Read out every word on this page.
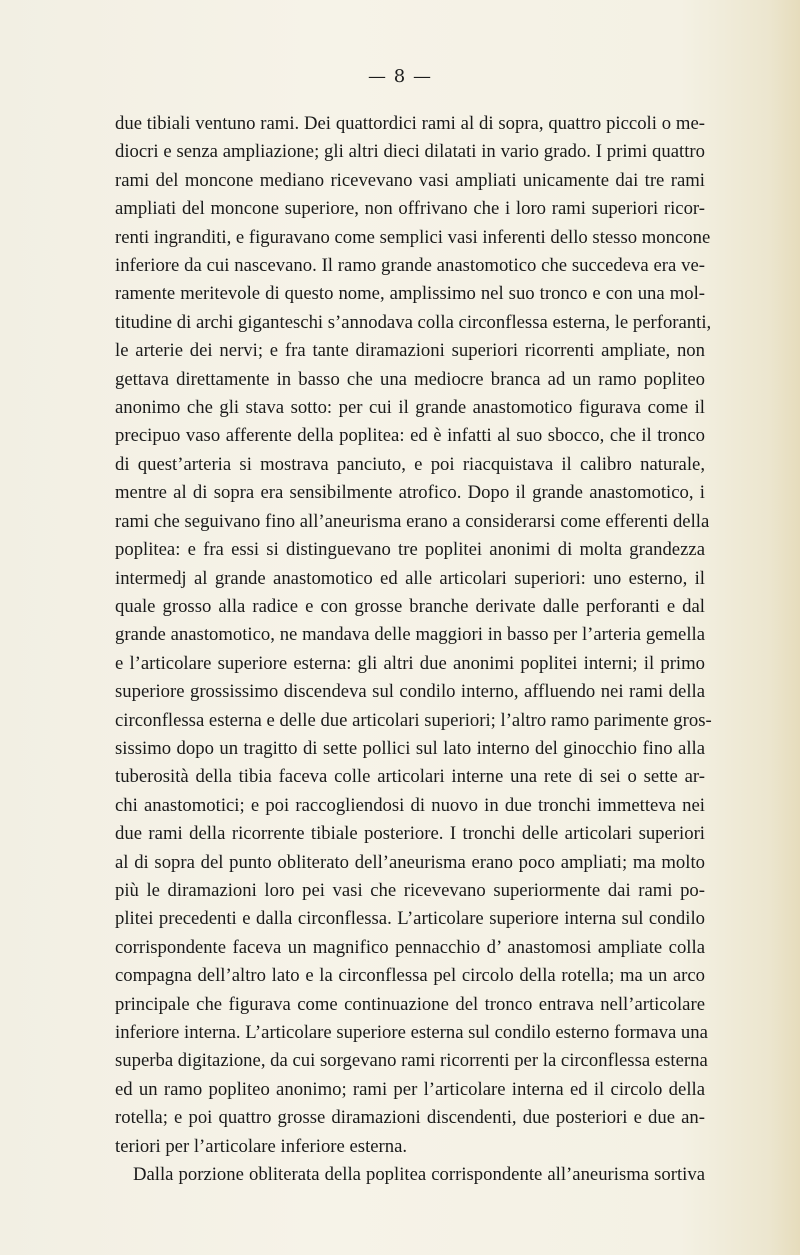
— 8 —
due tibiali ventuno rami. Dei quattordici rami al di sopra, quattro piccoli o me-
diocri e senza ampliazione; gli altri dieci dilatati in vario grado. I primi quattro
rami del moncone mediano ricevevano vasi ampliati unicamente dai tre rami
ampliati del moncone superiore, non offrivano che i loro rami superiori ricor-
renti ingranditi, e figuravano come semplici vasi inferenti dello stesso moncone
inferiore da cui nascevano. Il ramo grande anastomotico che succedeva era ve-
ramente meritevole di questo nome, amplissimo nel suo tronco e con una mol-
titudine di archi giganteschi s’annodava colla circonflessa esterna, le perforanti,
le arterie dei nervi; e fra tante diramazioni superiori ricorrenti ampliate, non
gettava direttamente in basso che una mediocre branca ad un ramo popliteo
anonimo che gli stava sotto: per cui il grande anastomotico figurava come il
precipuo vaso afferente della poplitea: ed è infatti al suo sbocco, che il tronco
di quest’arteria si mostrava panciuto, e poi riacquistava il calibro naturale,
mentre al di sopra era sensibilmente atrofico. Dopo il grande anastomotico, i
rami che seguivano fino all’aneurisma erano a considerarsi come efferenti della
poplitea: e fra essi si distinguevano tre poplitei anonimi di molta grandezza
intermedj al grande anastomotico ed alle articolari superiori: uno esterno, il
quale grosso alla radice e con grosse branche derivate dalle perforanti e dal
grande anastomotico, ne mandava delle maggiori in basso per l’arteria gemella
e l’articolare superiore esterna: gli altri due anonimi poplitei interni; il primo
superiore grossissimo discendeva sul condilo interno, affluendo nei rami della
circonflessa esterna e delle due articolari superiori; l’altro ramo parimente gros-
sissimo dopo un tragitto di sette pollici sul lato interno del ginocchio fino alla
tuberosità della tibia faceva colle articolari interne una rete di sei o sette ar-
chi anastomotici; e poi raccogliendosi di nuovo in due tronchi immetteva nei
due rami della ricorrente tibiale posteriore. I tronchi delle articolari superiori
al di sopra del punto obliterato dell’aneurisma erano poco ampliati; ma molto
più le diramazioni loro pei vasi che ricevevano superiormente dai rami po-
plitei precedenti e dalla circonflessa. L’articolare superiore interna sul condilo
corrispondente faceva un magnifico pennacchio d’ anastomosi ampliate colla
compagna dell’altro lato e la circonflessa pel circolo della rotella; ma un arco
principale che figurava come continuazione del tronco entrava nell’articolare
inferiore interna. L’articolare superiore esterna sul condilo esterno formava una
superba digitazione, da cui sorgevano rami ricorrenti per la circonflessa esterna
ed un ramo popliteo anonimo; rami per l’articolare interna ed il circolo della
rotella; e poi quattro grosse diramazioni discendenti, due posteriori e due an-
teriori per l’articolare inferiore esterna.
Dalla porzione obliterata della poplitea corrispondente all’aneurisma sortiva
